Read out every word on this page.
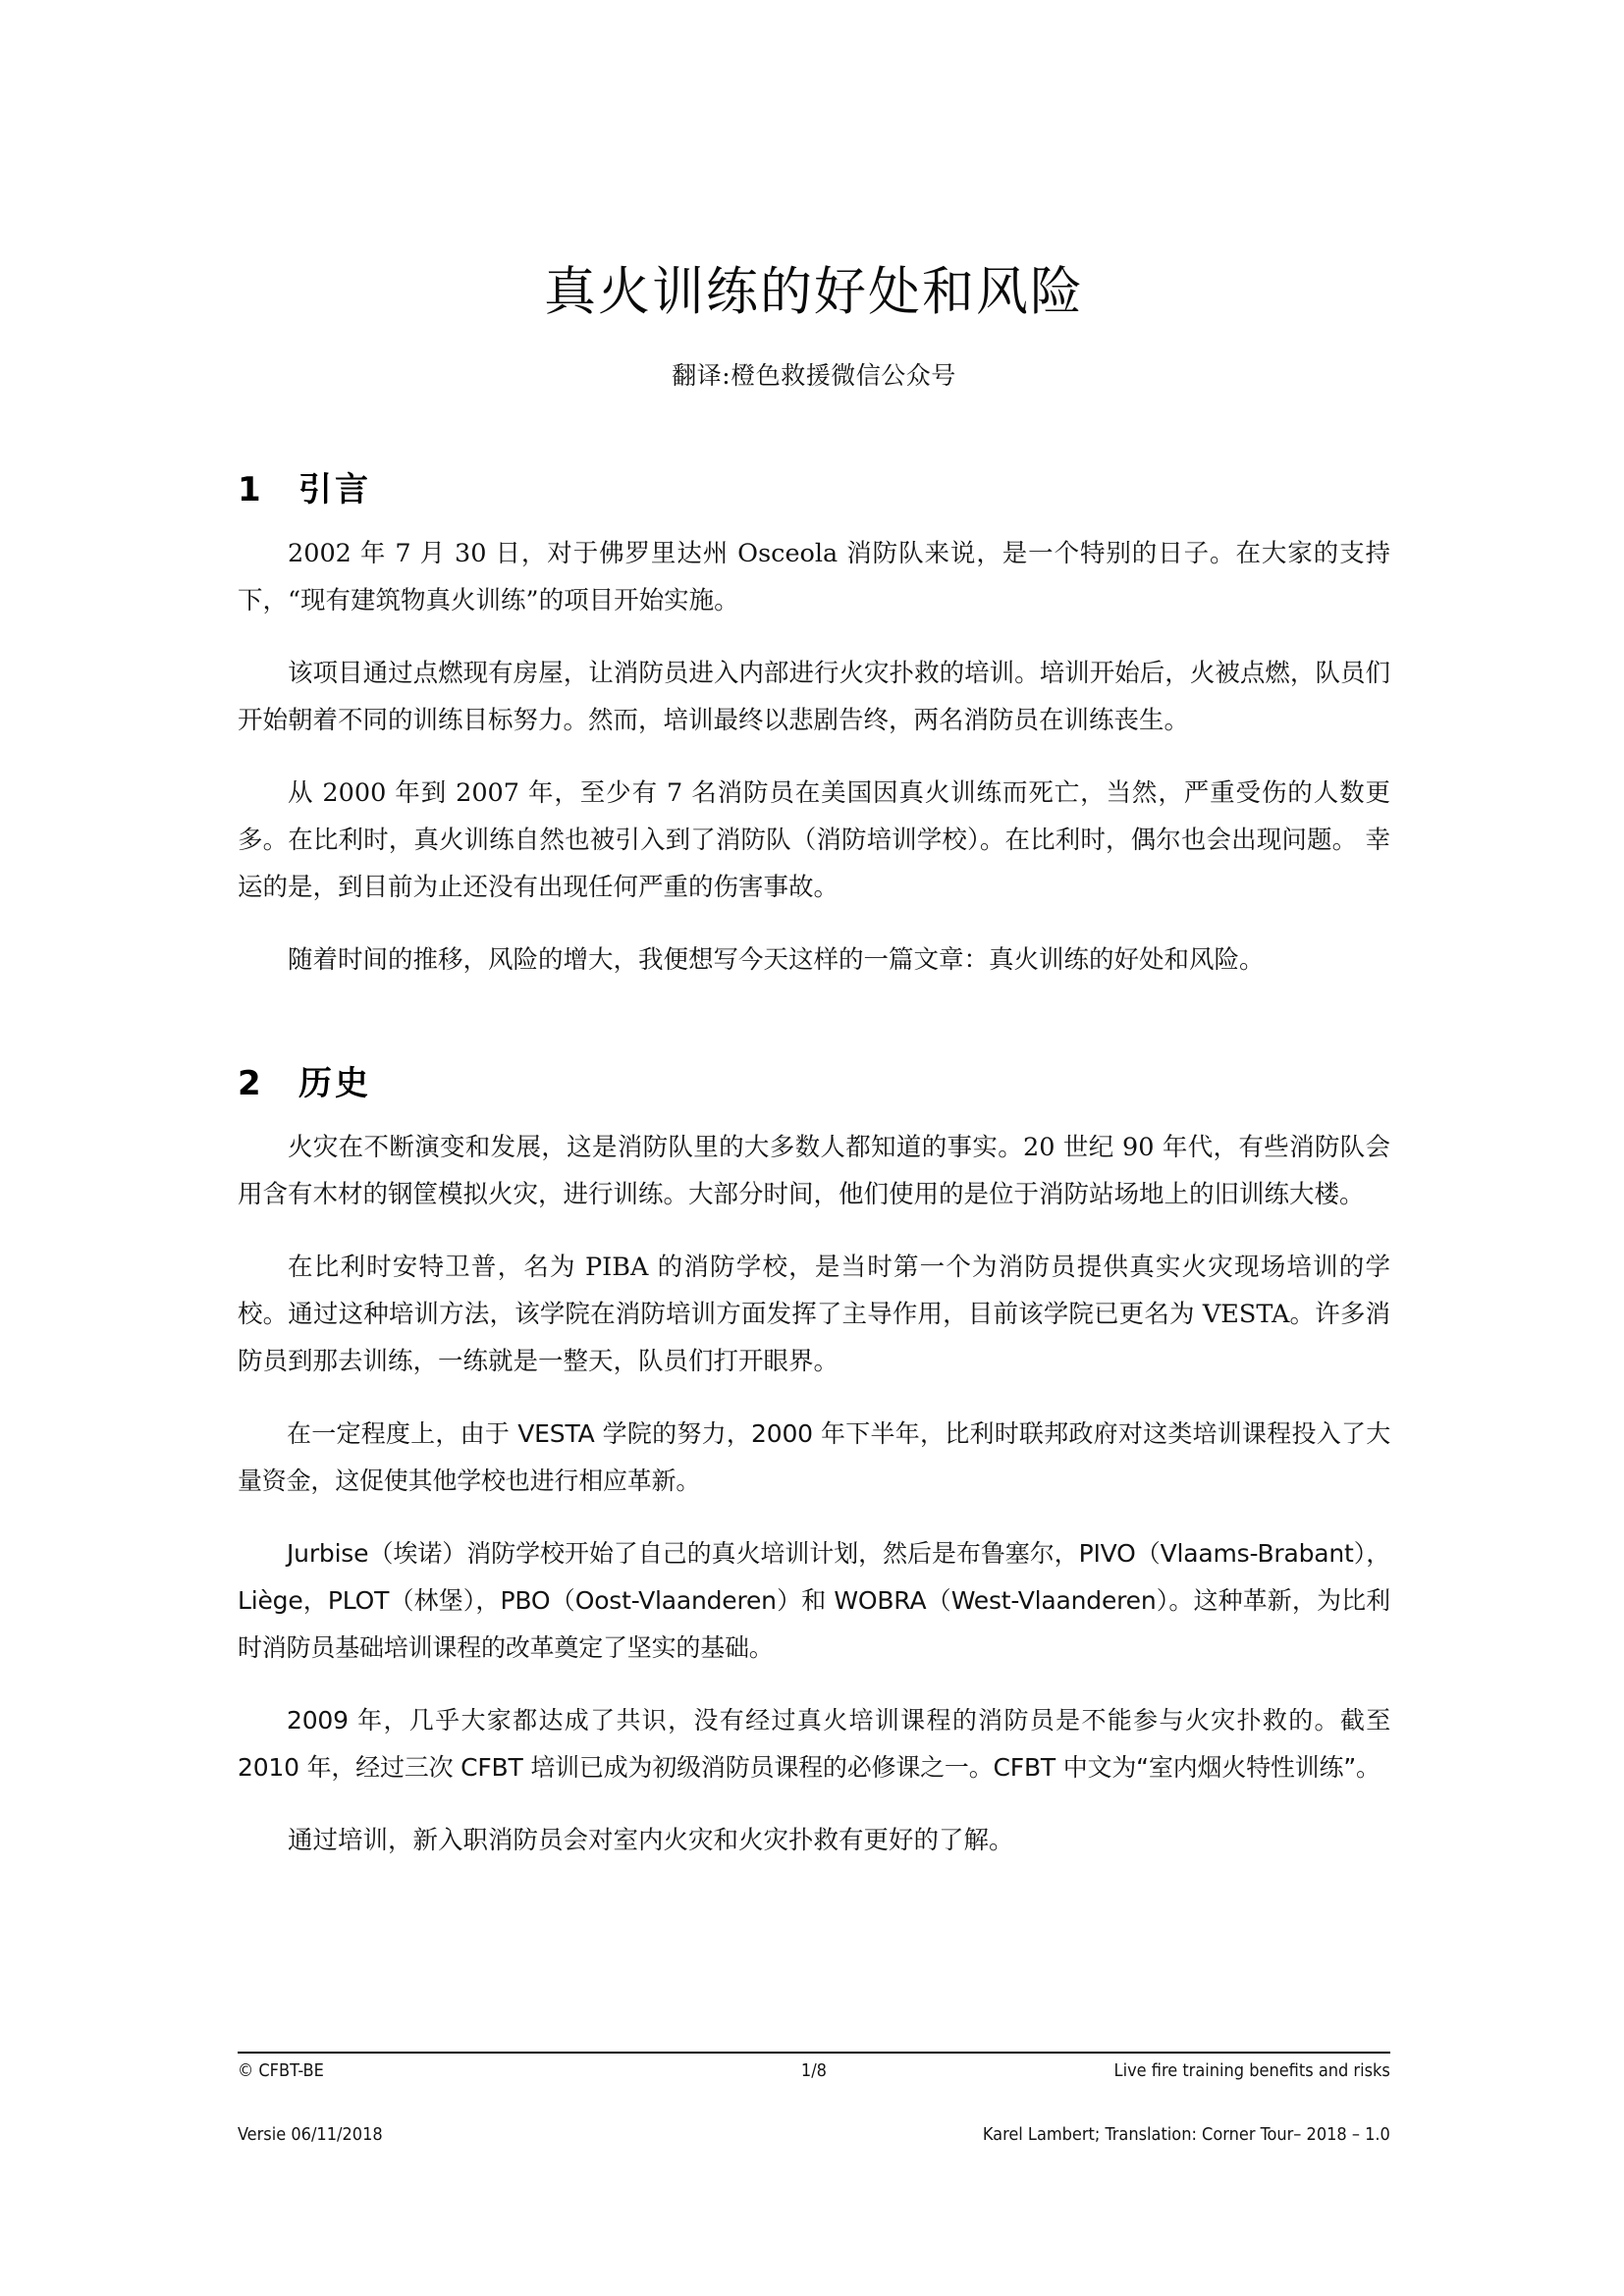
真火训练的好处和风险
翻译:橙色救援微信公众号
1	引言

2002 年 7 月 30 日，对于佛罗里达州 Osceola 消防队来说，是一个特别的日子。在大家的支持下，“现有建筑物真火训练”的项目开始实施。

该项目通过点燃现有房屋，让消防员进入内部进行火灾扑救的培训。培训开始后，火被点燃，队员们开始朝着不同的训练目标努力。然而，培训最终以悲剧告终，两名消防员在训练丧生。

从 2000 年到 2007 年，至少有 7 名消防员在美国因真火训练而死亡，当然，严重受伤的人数更多。在比利时，真火训练自然也被引入到了消防队（消防培训学校）。在比利时，偶尔也会出现问题。 幸运的是，到目前为止还没有出现任何严重的伤害事故。

随着时间的推移，风险的增大，我便想写今天这样的一篇文章：真火训练的好处和风险。

2	历史

火灾在不断演变和发展，这是消防队里的大多数人都知道的事实。20 世纪 90 年代，有些消防队会用含有木材的钢筐模拟火灾，进行训练。大部分时间，他们使用的是位于消防站场地上的旧训练大楼。

在比利时安特卫普，名为 PIBA 的消防学校，是当时第一个为消防员提供真实火灾现场培训的学校。通过这种培训方法，该学院在消防培训方面发挥了主导作用，目前该学院已更名为 VESTA。许多消防员到那去训练，一练就是一整天，队员们打开眼界。

在一定程度上，由于 VESTA 学院的努力，2000 年下半年，比利时联邦政府对这类培训课程投入了大量资金，这促使其他学校也进行相应革新。

Jurbise（埃诺）消防学校开始了自己的真火培训计划，然后是布鲁塞尔，PIVO（Vlaams-Brabant），Liège，PLOT（林堡），PBO（Oost-Vlaanderen）和 WOBRA（West-Vlaanderen）。这种革新，为比利时消防员基础培训课程的改革奠定了坚实的基础。

2009 年，几乎大家都达成了共识，没有经过真火培训课程的消防员是不能参与火灾扑救的。截至 2010 年，经过三次 CFBT 培训已成为初级消防员课程的必修课之一。CFBT 中文为“室内烟火特性训练”。

通过培训，新入职消防员会对室内火灾和火灾扑救有更好的了解。

© CFBT-BE	1/8	Live fire training benefits and risks
Versie 06/11/2018	Karel Lambert; Translation: Corner Tour– 2018 – 1.0
